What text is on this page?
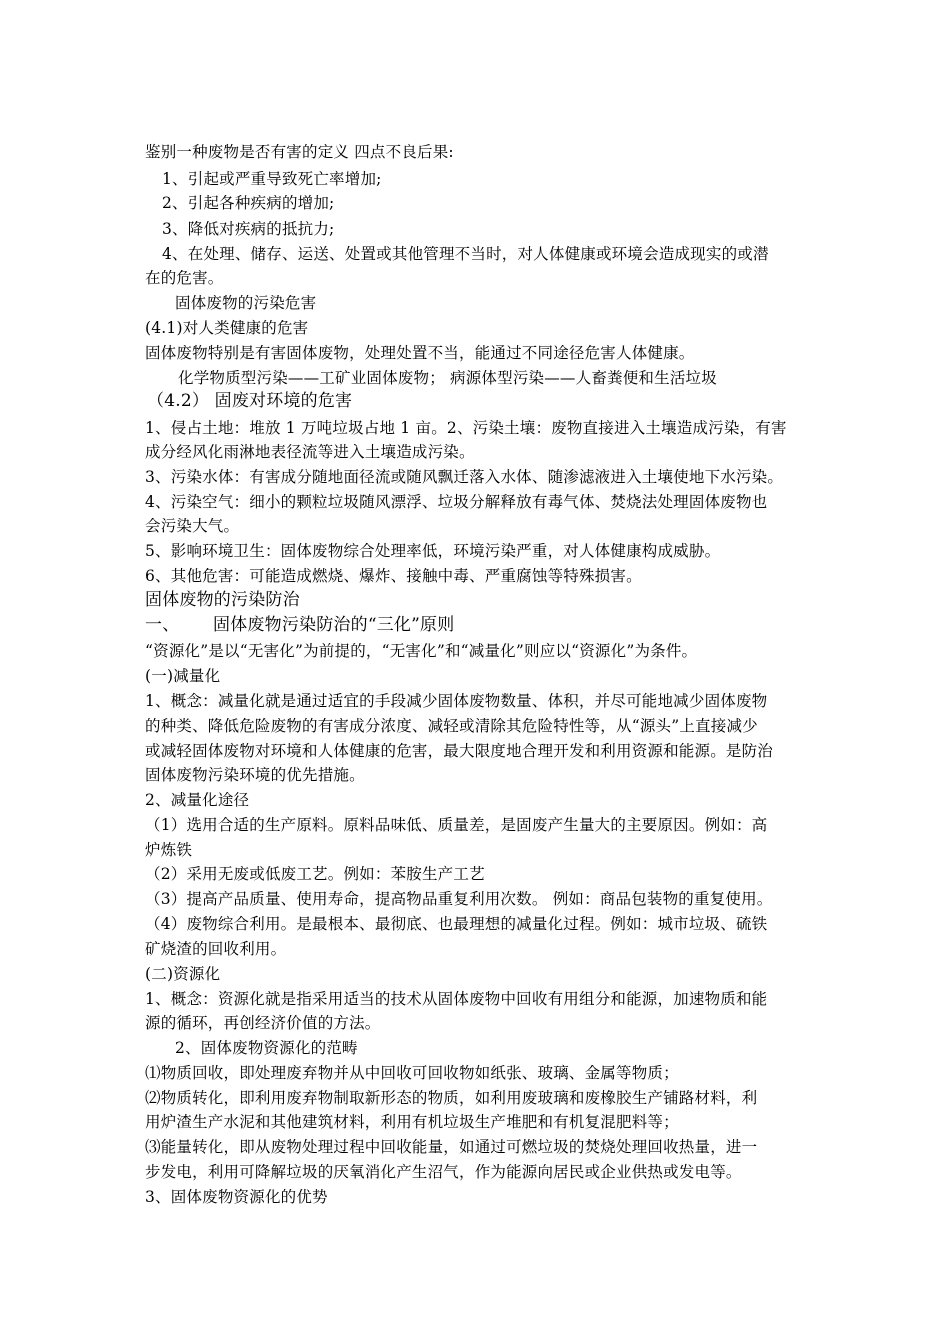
鉴别一种废物是否有害的定义 四点不良后果:
1、引起或严重导致死亡率增加;
2、引起各种疾病的增加;
3、降低对疾病的抵抗力;
4、在处理、储存、运送、处置或其他管理不当时，对人体健康或环境会造成现实的或潜
在的危害。
固体废物的污染危害
(4.1)对人类健康的危害
固体废物特别是有害固体废物，处理处置不当，能通过不同途径危害人体健康。
化学物质型污染——工矿业固体废物； 病源体型污染——人畜粪便和生活垃圾
（4.2） 固废对环境的危害
1、侵占土地：堆放 1 万吨垃圾占地 1 亩。2、污染土壤：废物直接进入土壤造成污染，有害
成分经风化雨淋地表径流等进入土壤造成污染。
3、污染水体：有害成分随地面径流或随风飘迁落入水体、随渗滤液进入土壤使地下水污染。
4、污染空气：细小的颗粒垃圾随风漂浮、垃圾分解释放有毒气体、焚烧法处理固体废物也
会污染大气。
5、影响环境卫生：固体废物综合处理率低，环境污染严重，对人体健康构成威胁。
6、其他危害：可能造成燃烧、爆炸、接触中毒、严重腐蚀等特殊损害。
固体废物的污染防治
一、      固体废物污染防治的“三化”原则
“资源化”是以“无害化”为前提的，“无害化”和“减量化”则应以“资源化”为条件。
(一)减量化
1、概念：减量化就是通过适宜的手段减少固体废物数量、体积，并尽可能地减少固体废物
的种类、降低危险废物的有害成分浓度、减轻或清除其危险特性等，从“源头”上直接减少
或减轻固体废物对环境和人体健康的危害，最大限度地合理开发和利用资源和能源。是防治
固体废物污染环境的优先措施。
2、减量化途径
（1）选用合适的生产原料。原料品味低、质量差，是固废产生量大的主要原因。例如：高
炉炼铁
（2）采用无废或低废工艺。例如：苯胺生产工艺
（3）提高产品质量、使用寿命，提高物品重复利用次数。 例如：商品包装物的重复使用。
（4）废物综合利用。是最根本、最彻底、也最理想的减量化过程。例如：城市垃圾、硫铁
矿烧渣的回收利用。
(二)资源化
1、概念：资源化就是指采用适当的技术从固体废物中回收有用组分和能源，加速物质和能
源的循环，再创经济价值的方法。
2、固体废物资源化的范畴
⑴物质回收，即处理废弃物并从中回收可回收物如纸张、玻璃、金属等物质；
⑵物质转化，即利用废弃物制取新形态的物质，如利用废玻璃和废橡胶生产铺路材料，利
用炉渣生产水泥和其他建筑材料，利用有机垃圾生产堆肥和有机复混肥料等；
⑶能量转化，即从废物处理过程中回收能量，如通过可燃垃圾的焚烧处理回收热量，进一
步发电，利用可降解垃圾的厌氧消化产生沼气，作为能源向居民或企业供热或发电等。
3、固体废物资源化的优势
